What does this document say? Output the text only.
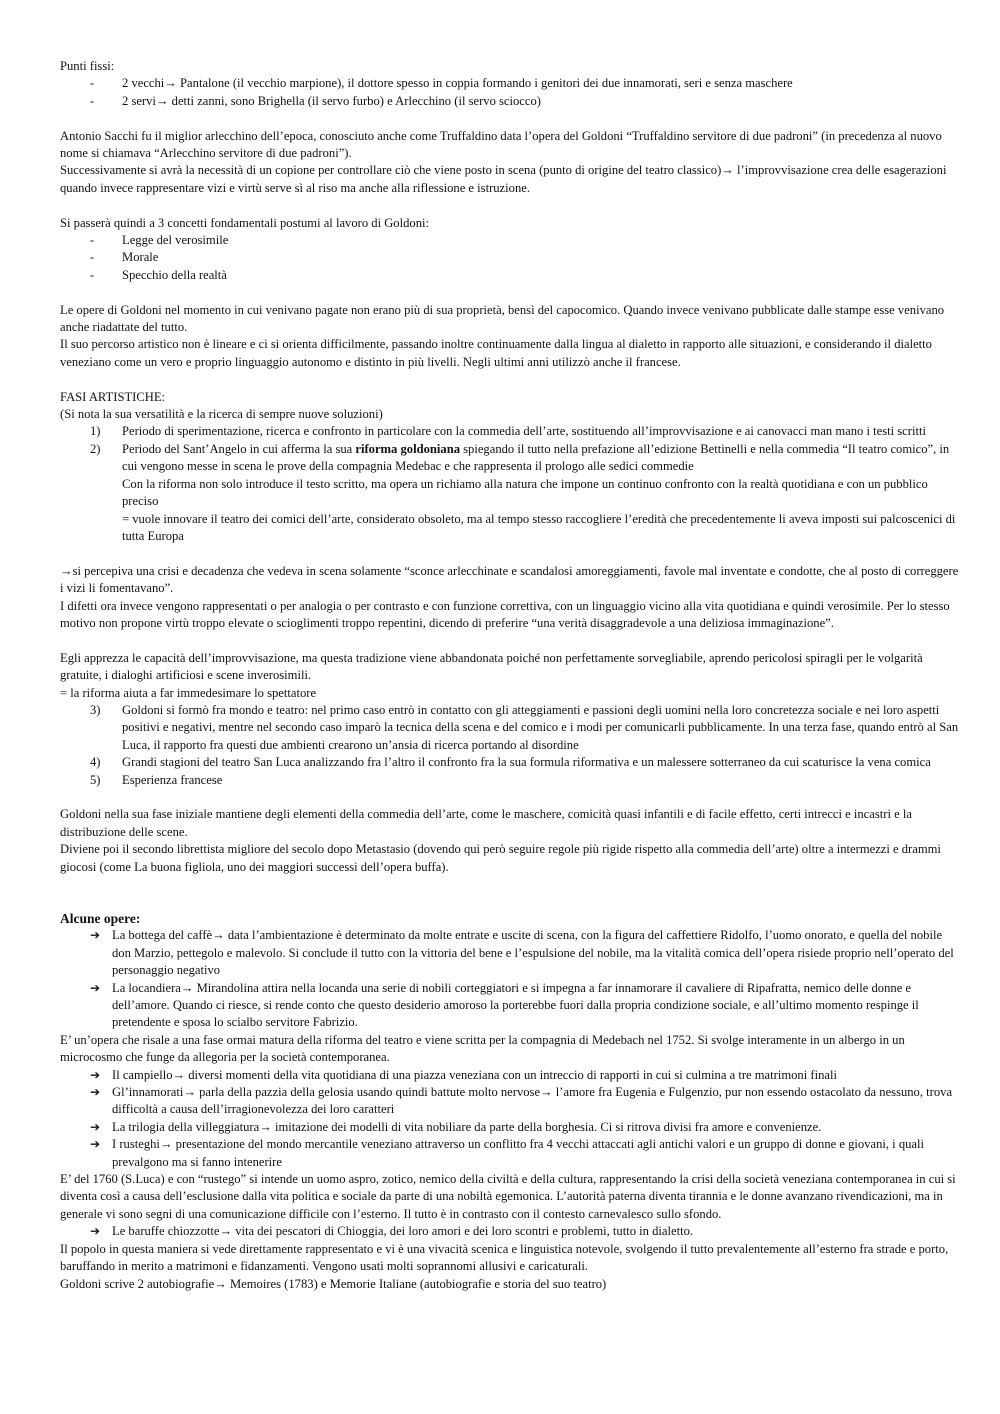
Punti fissi:

- 2 vecchi→ Pantalone (il vecchio marpione), il dottore spesso in coppia formando i genitori dei due innamorati, seri e senza maschere
- 2 servi→ detti zanni, sono Brighella (il servo furbo) e Arlecchino (il servo sciocco)

Antonio Sacchi fu il miglior arlecchino dell’epoca, conosciuto anche come Truffaldino data l’opera del Goldoni “Truffaldino servitore di due padroni” (in precedenza al nuovo nome si chiamava “Arlecchino servitore di due padroni”).

Successivamente si avrà la necessità di un copione per controllare ciò che viene posto in scena (punto di origine del teatro classico)→ l’improvvisazione crea delle esagerazioni quando invece rappresentare vizi e virtù serve sì al riso ma anche alla riflessione e istruzione.

Si passerà quindi a 3 concetti fondamentali postumi al lavoro di Goldoni:

- Legge del verosimile
- Morale
- Specchio della realtà

Le opere di Goldoni nel momento in cui venivano pagate non erano più di sua proprietà, bensì del capocomico. Quando invece venivano pubblicate dalle stampe esse venivano anche riadattate del tutto.

Il suo percorso artistico non è lineare e ci si orienta difficilmente, passando inoltre continuamente dalla lingua al dialetto in rapporto alle situazioni, e considerando il dialetto veneziano come un vero e proprio linguaggio autonomo e distinto in più livelli. Negli ultimi anni utilizzò anche il francese.

FASI ARTISTICHE:

(Si nota la sua versatilità e la ricerca di sempre nuove soluzioni)

1) Periodo di sperimentazione, ricerca e confronto in particolare con la commedia dell’arte, sostituendo all’improvvisazione e ai canovacci man mano i testi scritti
2) Periodo del Sant’Angelo in cui afferma la sua riforma goldoniana spiegando il tutto nella prefazione all’edizione Bettinelli e nella commedia “Il teatro comico”, in cui vengono messe in scena le prove della compagnia Medebac e che rappresenta il prologo alle sedici commedie
Con la riforma non solo introduce il testo scritto, ma opera un richiamo alla natura che impone un continuo confronto con la realtà quotidiana e con un pubblico preciso
= vuole innovare il teatro dei comici dell’arte, considerato obsoleto, ma al tempo stesso raccogliere l’eredità che precedentemente li aveva imposti sui palcoscenici di tutta Europa

→si percepiva una crisi e decadenza che vedeva in scena solamente “sconce arlecchinate e scandalosi amoreggiamenti, favole mal inventate e condotte, che al posto di correggere i vizi li fomentavano”.

I difetti ora invece vengono rappresentati o per analogia o per contrasto e con funzione correttiva, con un linguaggio vicino alla vita quotidiana e quindi verosimile. Per lo stesso motivo non propone virtù troppo elevate o scioglimenti troppo repentini, dicendo di preferire “una verità disaggradevole a una deliziosa immaginazione”.

Egli apprezza le capacità dell’improvvisazione, ma questa tradizione viene abbandonata poiché non perfettamente sorvegliabile, aprendo pericolosi spiragli per le volgarità gratuite, i dialoghi artificiosi e scene inverosimili.

= la riforma aiuta a far immedesimare lo spettatore

3) Goldoni si formò fra mondo e teatro: nel primo caso entrò in contatto con gli atteggiamenti e passioni degli uomini nella loro concretezza sociale e nei loro aspetti positivi e negativi, mentre nel secondo caso imparò la tecnica della scena e del comico e i modi per comunicarli pubblicamente. In una terza fase, quando entrò al San Luca, il rapporto fra questi due ambienti crearono un’ansia di ricerca portando al disordine
4) Grandi stagioni del teatro San Luca analizzando fra l’altro il confronto fra la sua formula riformativa e un malessere sotterraneo da cui scaturisce la vena comica
5) Esperienza francese

Goldoni nella sua fase iniziale mantiene degli elementi della commedia dell’arte, come le maschere, comicità quasi infantili e di facile effetto, certi intrecci e incastri e la distribuzione delle scene.

Diviene poi il secondo librettista migliore del secolo dopo Metastasio (dovendo qui però seguire regole più rigide rispetto alla commedia dell’arte) oltre a intermezzi e drammi giocosi (come La buona figliola, uno dei maggiori successi dell’opera buffa).

Alcune opere:

➔ La bottega del caffè→ data l’ambientazione è determinato da molte entrate e uscite di scena, con la figura del caffettiere Ridolfo, l’uomo onorato, e quella del nobile don Marzio, pettegolo e malevolo. Si conclude il tutto con la vittoria del bene e l’espulsione del nobile, ma la vitalità comica dell’opera risiede proprio nell’operato del personaggio negativo
➔ La locandiera→ Mirandolina attira nella locanda una serie di nobili corteggiatori e si impegna a far innamorare il cavaliere di Ripafratta, nemico delle donne e dell’amore. Quando ci riesce, si rende conto che questo desiderio amoroso la porterebbe fuori dalla propria condizione sociale, e all’ultimo momento respinge il pretendente e sposa lo scialbo servitore Fabrizio.

E’ un’opera che risale a una fase ormai matura della riforma del teatro e viene scritta per la compagnia di Medebach nel 1752. Si svolge interamente in un albergo in un microcosmo che funge da allegoria per la società contemporanea.

➔ Il campiello→ diversi momenti della vita quotidiana di una piazza veneziana con un intreccio di rapporti in cui si culmina a tre matrimoni finali
➔ Gl’innamorati→ parla della pazzia della gelosia usando quindi battute molto nervose→ l’amore fra Eugenia e Fulgenzio, pur non essendo ostacolato da nessuno, trova difficoltà a causa dell’irragionevolezza dei loro caratteri
➔ La trilogia della villeggiatura→ imitazione dei modelli di vita nobiliare da parte della borghesia. Ci si ritrova divisi fra amore e convenienze.
➔ I rusteghi→ presentazione del mondo mercantile veneziano attraverso un conflitto fra 4 vecchi attaccati agli antichi valori e un gruppo di donne e giovani, i quali prevalgono ma si fanno intenerire

E’ del 1760 (S.Luca) e con “rustego” si intende un uomo aspro, zotico, nemico della civiltà e della cultura, rappresentando la crisi della società veneziana contemporanea in cui si diventa così a causa dell’esclusione dalla vita politica e sociale da parte di una nobiltà egemonica. L’autorità paterna diventa tirannia e le donne avanzano rivendicazioni, ma in generale vi sono segni di una comunicazione difficile con l’esterno. Il tutto è in contrasto con il contesto carnevalesco sullo sfondo.

➔ Le baruffe chiozzotte→ vita dei pescatori di Chioggia, dei loro amori e dei loro scontri e problemi, tutto in dialetto.

Il popolo in questa maniera si vede direttamente rappresentato e vi è una vivacità scenica e linguistica notevole, svolgendo il tutto prevalentemente all’esterno fra strade e porto, baruffando in merito a matrimoni e fidanzamenti. Vengono usati molti soprannomi allusivi e caricaturali.

Goldoni scrive 2 autobiografie→ Memoires (1783) e Memorie Italiane (autobiografie e storia del suo teatro)
